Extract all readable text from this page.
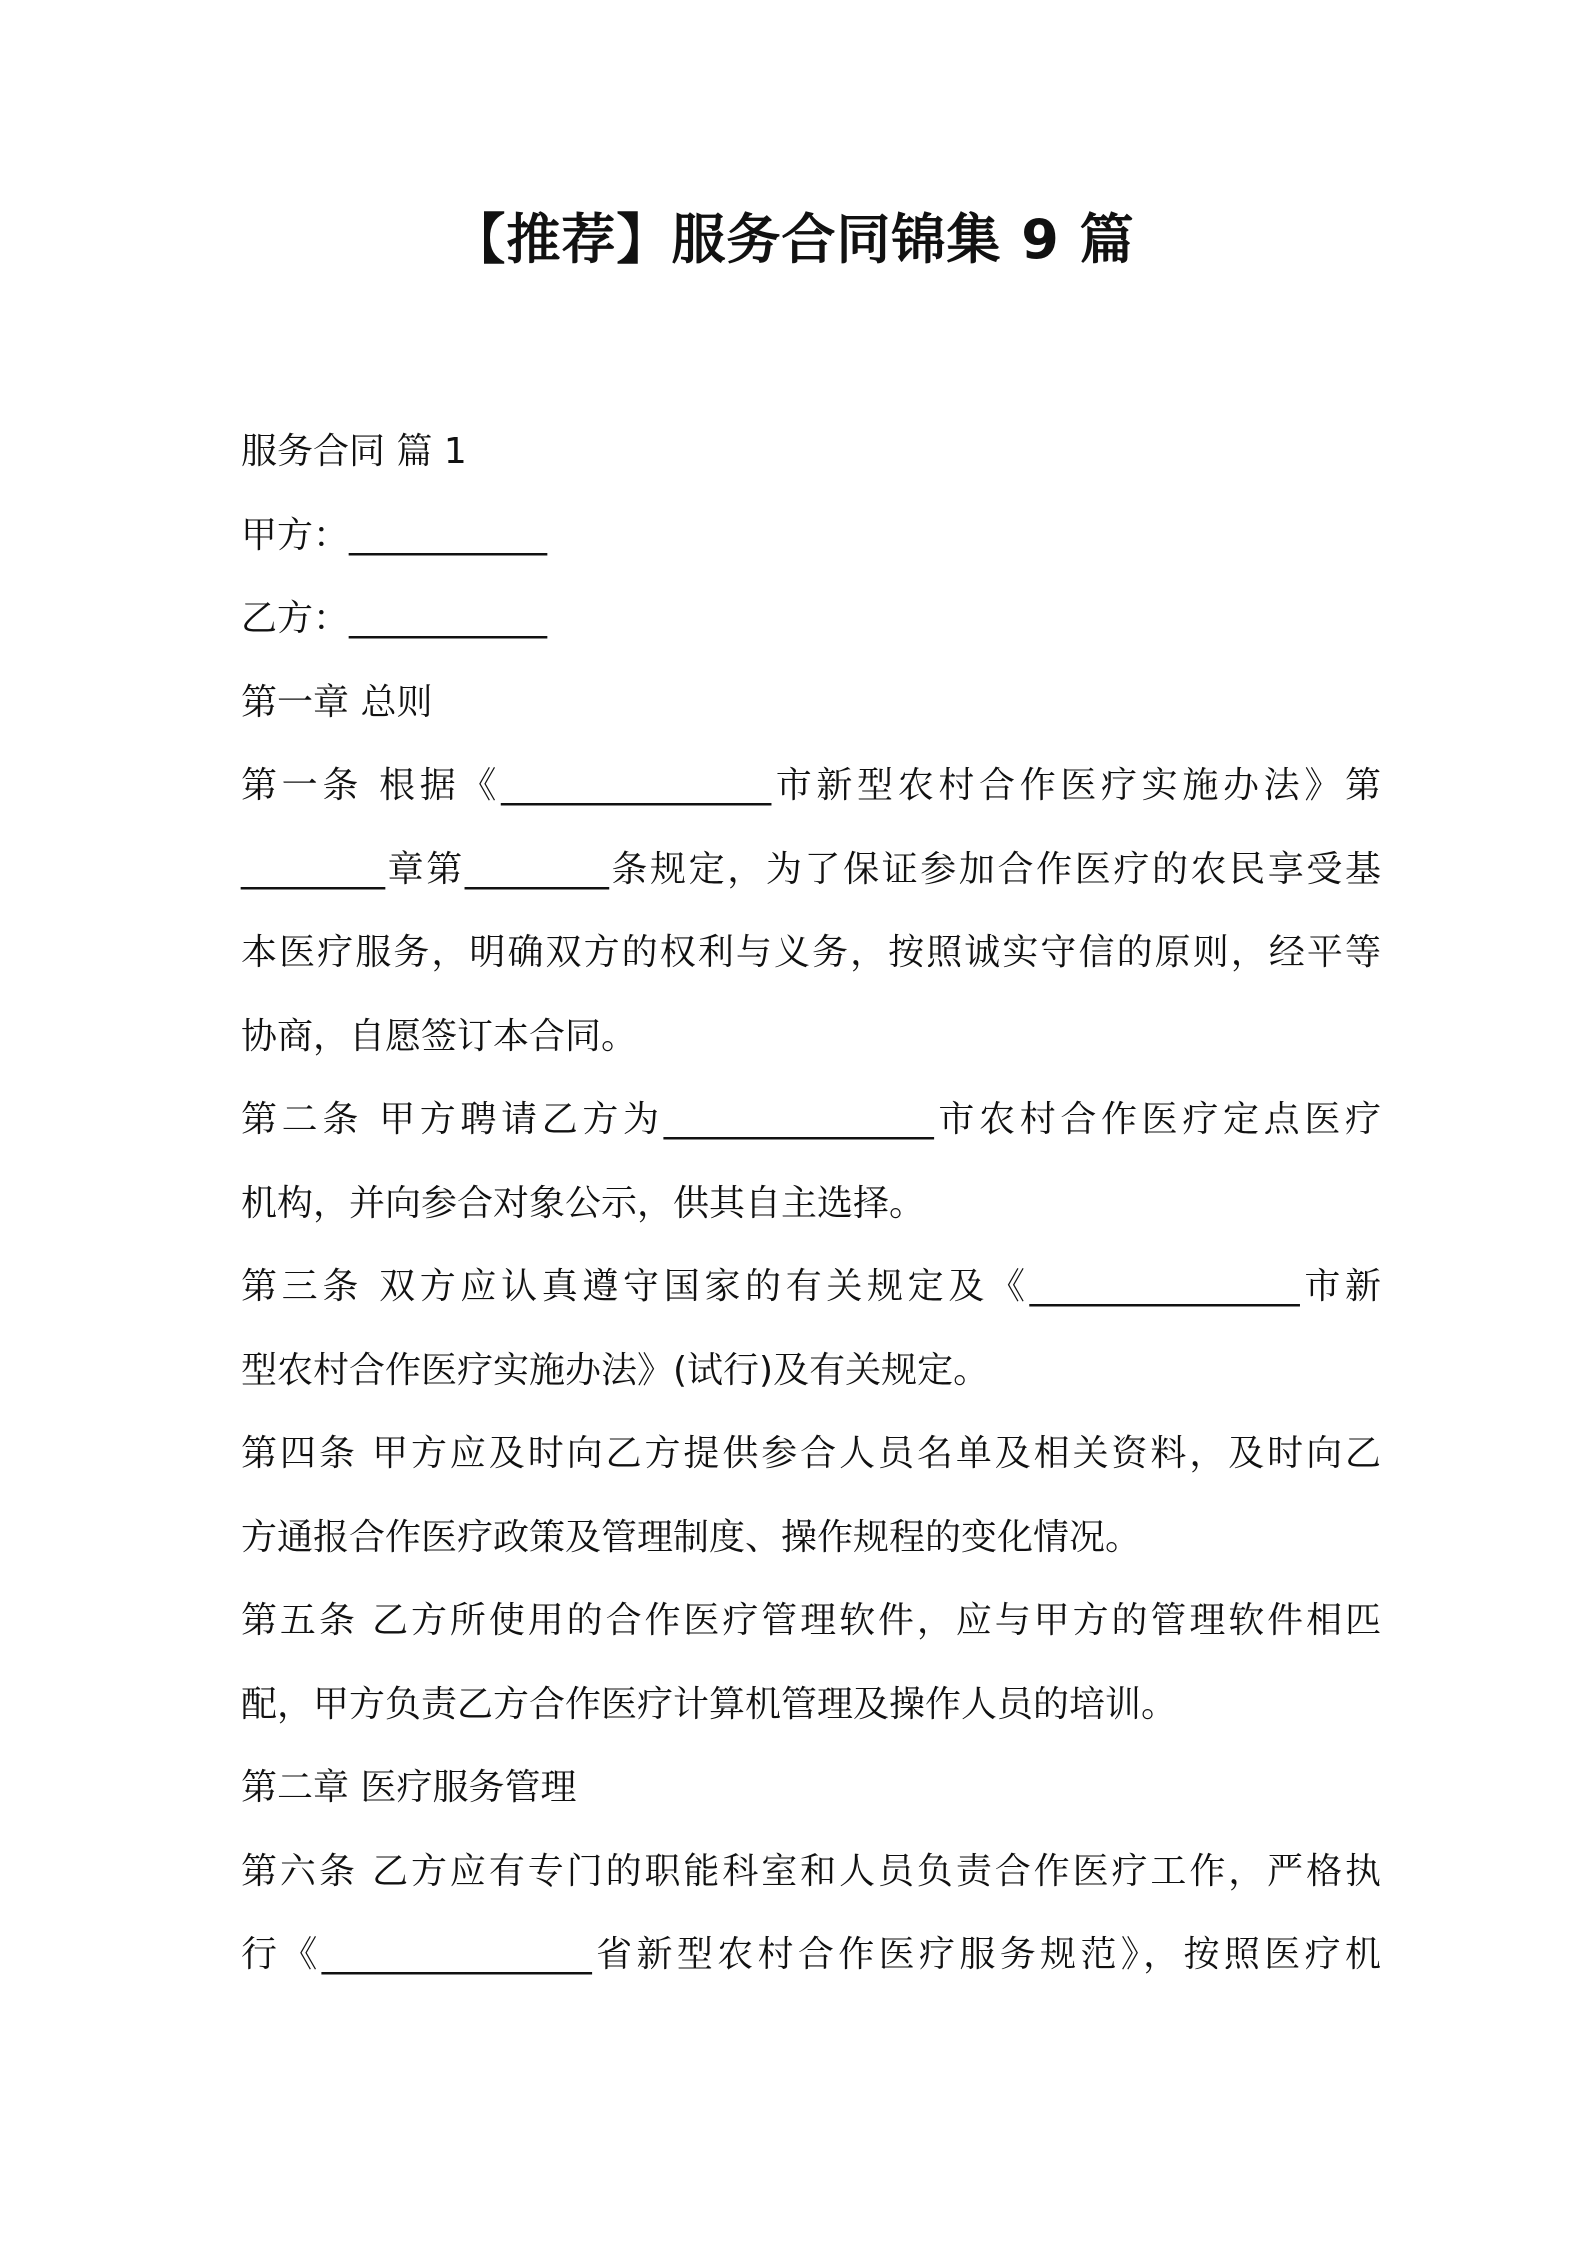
【推荐】服务合同锦集 9 篇
服务合同 篇 1
甲方：___________
乙方：___________
第一章 总则
第一条 根据《_______________市新型农村合作医疗实施办法》第
________章第________条规定，为了保证参加合作医疗的农民享受基
本医疗服务，明确双方的权利与义务，按照诚实守信的原则，经平等
协商，自愿签订本合同。
第二条 甲方聘请乙方为_______________市农村合作医疗定点医疗
机构，并向参合对象公示，供其自主选择。
第三条 双方应认真遵守国家的有关规定及《_______________市新
型农村合作医疗实施办法》(试行)及有关规定。
第四条 甲方应及时向乙方提供参合人员名单及相关资料，及时向乙
方通报合作医疗政策及管理制度、操作规程的变化情况。
第五条 乙方所使用的合作医疗管理软件，应与甲方的管理软件相匹
配，甲方负责乙方合作医疗计算机管理及操作人员的培训。
第二章 医疗服务管理
第六条 乙方应有专门的职能科室和人员负责合作医疗工作，严格执
行《_______________省新型农村合作医疗服务规范》，按照医疗机
